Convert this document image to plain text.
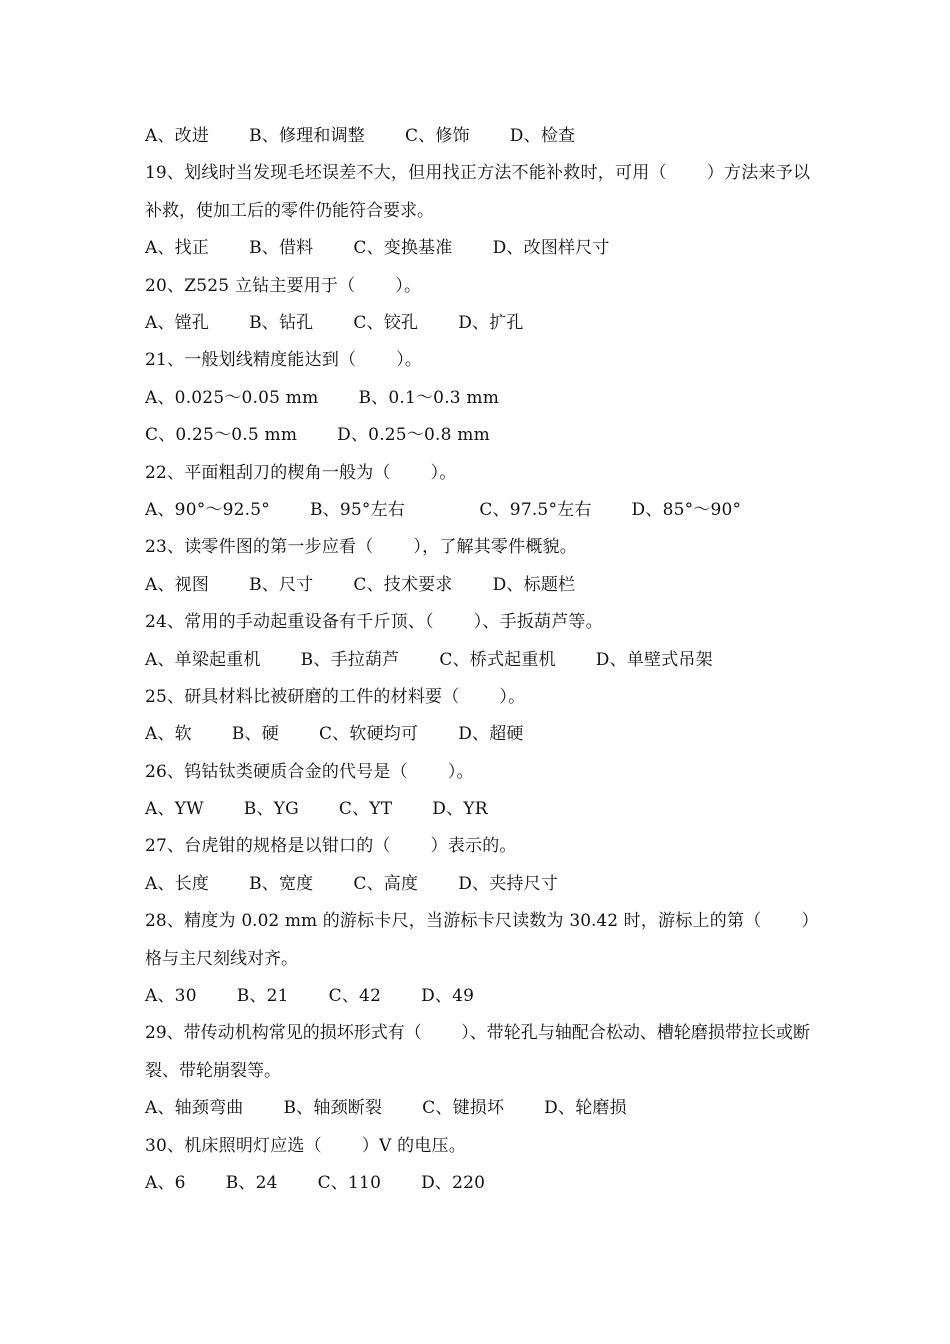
A、改进　　 B、修理和调整　　 C、修饰　　 D、检查
19、划线时当发现毛坯误差不大，但用找正方法不能补救时，可用（　　 ）方法来予以补救，使加工后的零件仍能符合要求。
A、找正　　 B、借料　　 C、变换基准　　 D、改图样尺寸
20、Z525 立钻主要用于（　　 ）。
A、镗孔　　 B、钻孔　　 C、铰孔　　 D、扩孔
21、一般划线精度能达到（　　 ）。
A、0.025～0.05 mm　　 B、0.1～0.3 mm
C、0.25～0.5 mm　　 D、0.25～0.8 mm
22、平面粗刮刀的楔角一般为（　　 ）。
A、90°～92.5°　　 B、95°左右　　　　 C、97.5°左右　　 D、85°～90°
23、读零件图的第一步应看（　　 ），了解其零件概貌。
A、视图　　 B、尺寸　　 C、技术要求　　 D、标题栏
24、常用的手动起重设备有千斤顶、（　　 ）、手扳葫芦等。
A、单梁起重机　　 B、手拉葫芦　　 C、桥式起重机　　 D、单壁式吊架
25、研具材料比被研磨的工件的材料要（　　 ）。
A、软　　 B、硬　　 C、软硬均可　　 D、超硬
26、钨钴钛类硬质合金的代号是（　　 ）。
A、YW　　 B、YG　　 C、YT　　 D、YR
27、台虎钳的规格是以钳口的（　　 ）表示的。
A、长度　　 B、宽度　　 C、高度　　 D、夹持尺寸
28、精度为 0.02 mm 的游标卡尺，当游标卡尺读数为 30.42 时，游标上的第（　　 ）格与主尺刻线对齐。
A、30　　 B、21　　 C、42　　 D、49
29、带传动机构常见的损坏形式有（　　 ）、带轮孔与轴配合松动、槽轮磨损带拉长或断裂、带轮崩裂等。
A、轴颈弯曲　　 B、轴颈断裂　　 C、键损坏　　 D、轮磨损
30、机床照明灯应选（　　 ）V 的电压。
A、6　　 B、24　　 C、110　　 D、220
